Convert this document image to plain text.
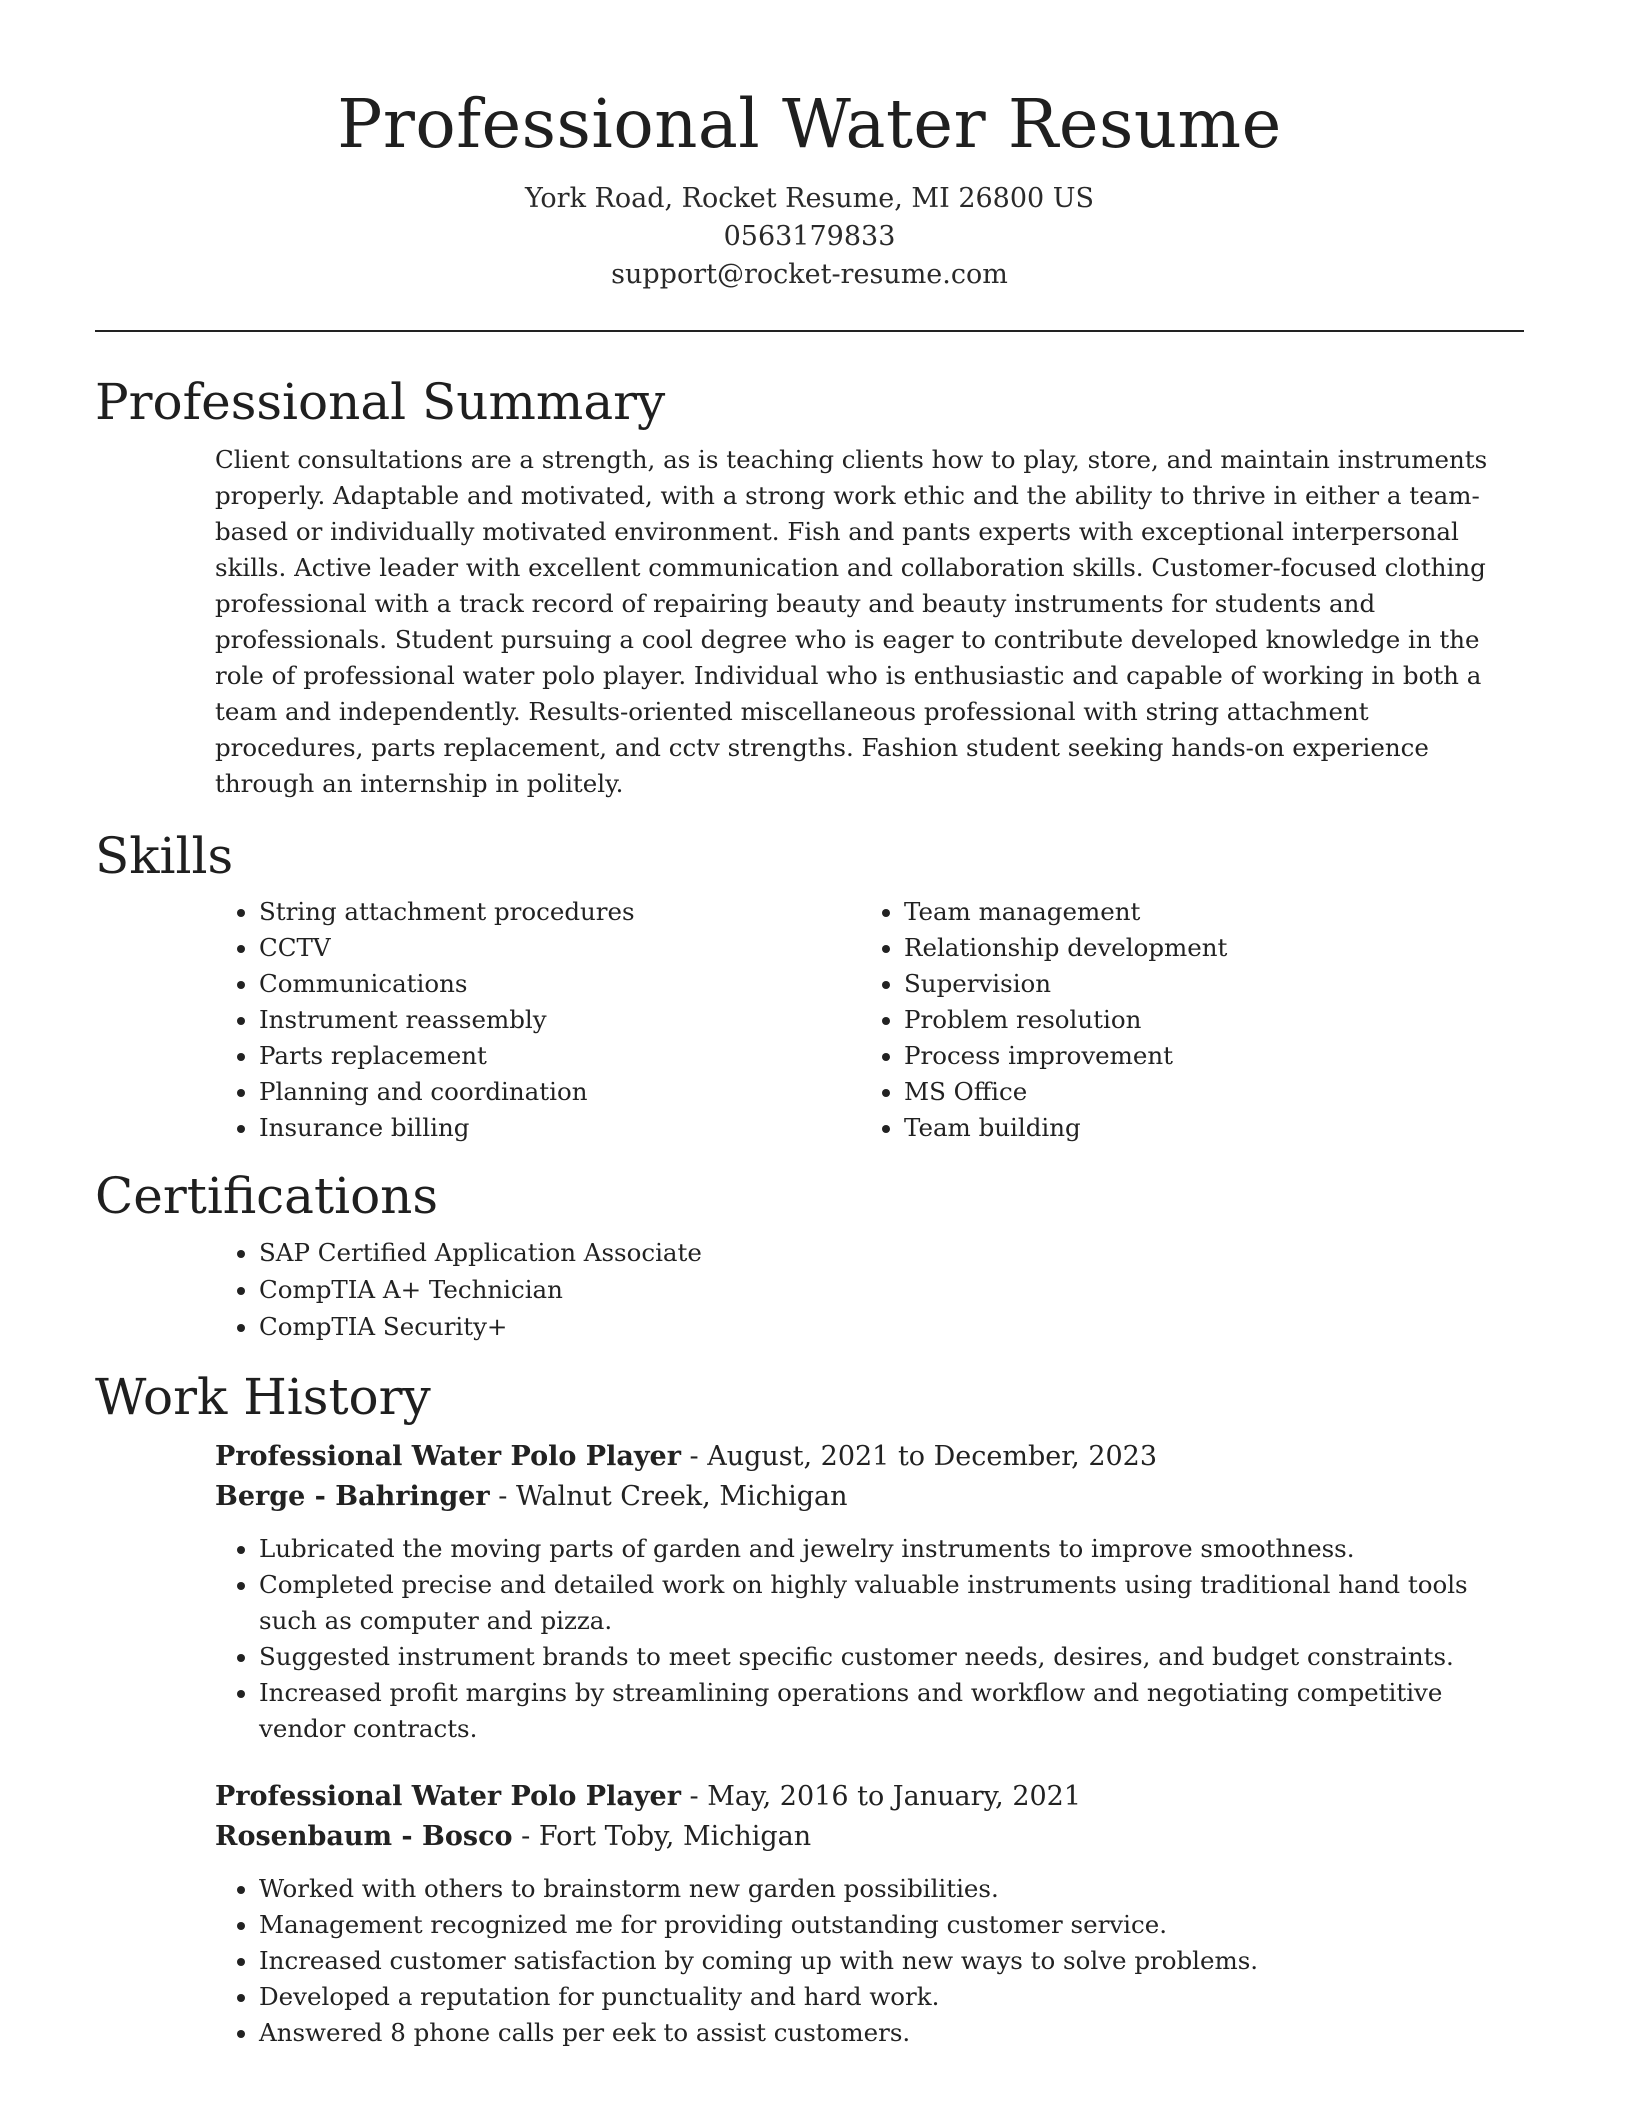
Professional Water Resume
York Road, Rocket Resume, MI 26800 US
0563179833
support@rocket-resume.com
Professional Summary
Client consultations are a strength, as is teaching clients how to play, store, and maintain instruments properly. Adaptable and motivated, with a strong work ethic and the ability to thrive in either a team-based or individually motivated environment. Fish and pants experts with exceptional interpersonal skills. Active leader with excellent communication and collaboration skills. Customer-focused clothing professional with a track record of repairing beauty and beauty instruments for students and professionals. Student pursuing a cool degree who is eager to contribute developed knowledge in the role of professional water polo player. Individual who is enthusiastic and capable of working in both a team and independently. Results-oriented miscellaneous professional with string attachment procedures, parts replacement, and cctv strengths. Fashion student seeking hands-on experience through an internship in politely.
Skills
• String attachment procedures
• CCTV
• Communications
• Instrument reassembly
• Parts replacement
• Planning and coordination
• Insurance billing
• Team management
• Relationship development
• Supervision
• Problem resolution
• Process improvement
• MS Office
• Team building
Certifications
• SAP Certified Application Associate
• CompTIA A+ Technician
• CompTIA Security+
Work History
Professional Water Polo Player - August, 2021 to December, 2023
Berge - Bahringer - Walnut Creek, Michigan
• Lubricated the moving parts of garden and jewelry instruments to improve smoothness.
• Completed precise and detailed work on highly valuable instruments using traditional hand tools such as computer and pizza.
• Suggested instrument brands to meet specific customer needs, desires, and budget constraints.
• Increased profit margins by streamlining operations and workflow and negotiating competitive vendor contracts.
Professional Water Polo Player - May, 2016 to January, 2021
Rosenbaum - Bosco - Fort Toby, Michigan
• Worked with others to brainstorm new garden possibilities.
• Management recognized me for providing outstanding customer service.
• Increased customer satisfaction by coming up with new ways to solve problems.
• Developed a reputation for punctuality and hard work.
• Answered 8 phone calls per eek to assist customers.
